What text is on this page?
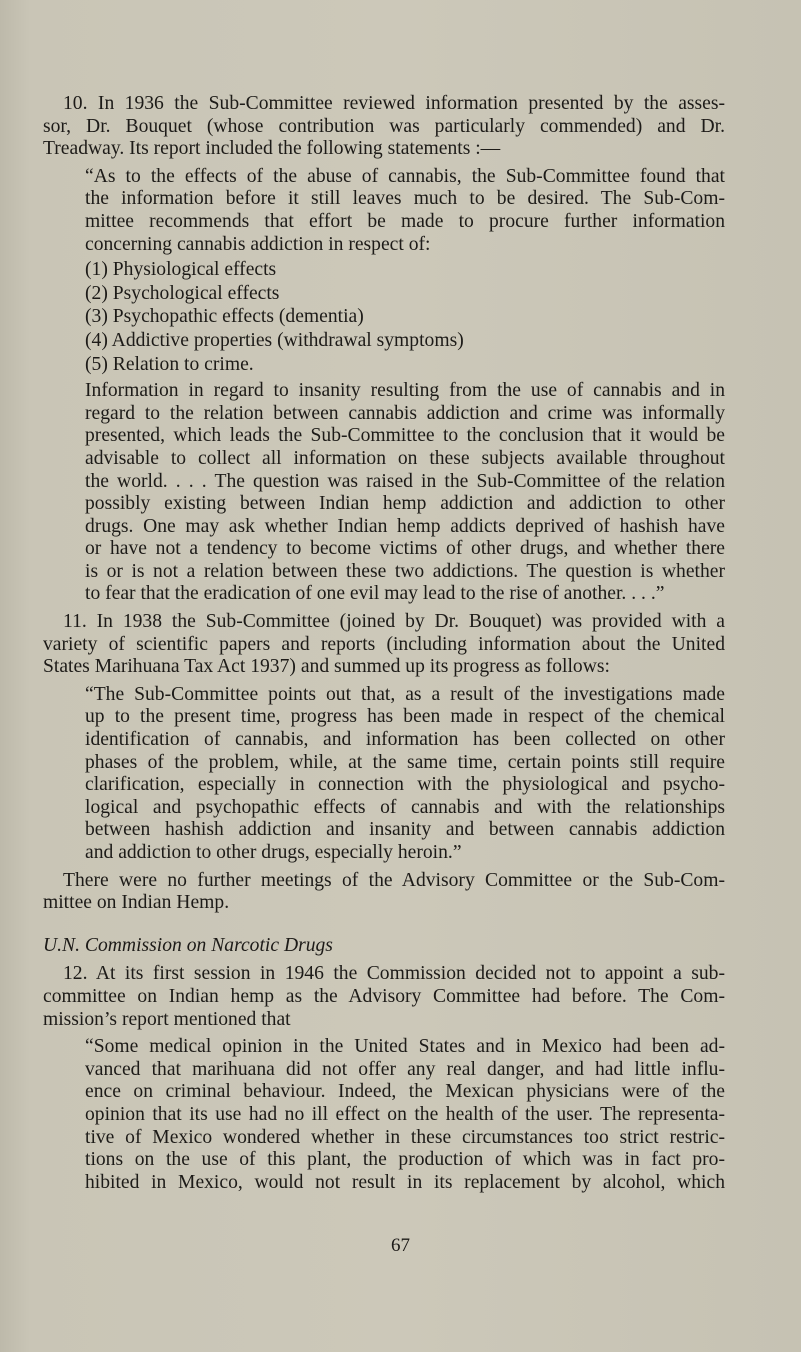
10. In 1936 the Sub-Committee reviewed information presented by the asses-
sor, Dr. Bouquet (whose contribution was particularly commended) and Dr.
Treadway. Its report included the following statements :—
“As to the effects of the abuse of cannabis, the Sub-Committee found that
the information before it still leaves much to be desired. The Sub-Com-
mittee recommends that effort be made to procure further information
concerning cannabis addiction in respect of:
(1) Physiological effects
(2) Psychological effects
(3) Psychopathic effects (dementia)
(4) Addictive properties (withdrawal symptoms)
(5) Relation to crime.
Information in regard to insanity resulting from the use of cannabis and in
regard to the relation between cannabis addiction and crime was informally
presented, which leads the Sub-Committee to the conclusion that it would be
advisable to collect all information on these subjects available throughout
the world. . . . The question was raised in the Sub-Committee of the relation
possibly existing between Indian hemp addiction and addiction to other
drugs. One may ask whether Indian hemp addicts deprived of hashish have
or have not a tendency to become victims of other drugs, and whether there
is or is not a relation between these two addictions. The question is whether
to fear that the eradication of one evil may lead to the rise of another. . . .”
11. In 1938 the Sub-Committee (joined by Dr. Bouquet) was provided with a
variety of scientific papers and reports (including information about the United
States Marihuana Tax Act 1937) and summed up its progress as follows:
“The Sub-Committee points out that, as a result of the investigations made
up to the present time, progress has been made in respect of the chemical
identification of cannabis, and information has been collected on other
phases of the problem, while, at the same time, certain points still require
clarification, especially in connection with the physiological and psycho-
logical and psychopathic effects of cannabis and with the relationships
between hashish addiction and insanity and between cannabis addiction
and addiction to other drugs, especially heroin.”
There were no further meetings of the Advisory Committee or the Sub-Com-
mittee on Indian Hemp.
U.N. Commission on Narcotic Drugs
12. At its first session in 1946 the Commission decided not to appoint a sub-
committee on Indian hemp as the Advisory Committee had before. The Com-
mission’s report mentioned that
“Some medical opinion in the United States and in Mexico had been ad-
vanced that marihuana did not offer any real danger, and had little influ-
ence on criminal behaviour. Indeed, the Mexican physicians were of the
opinion that its use had no ill effect on the health of the user. The representa-
tive of Mexico wondered whether in these circumstances too strict restric-
tions on the use of this plant, the production of which was in fact pro-
hibited in Mexico, would not result in its replacement by alcohol, which
67
